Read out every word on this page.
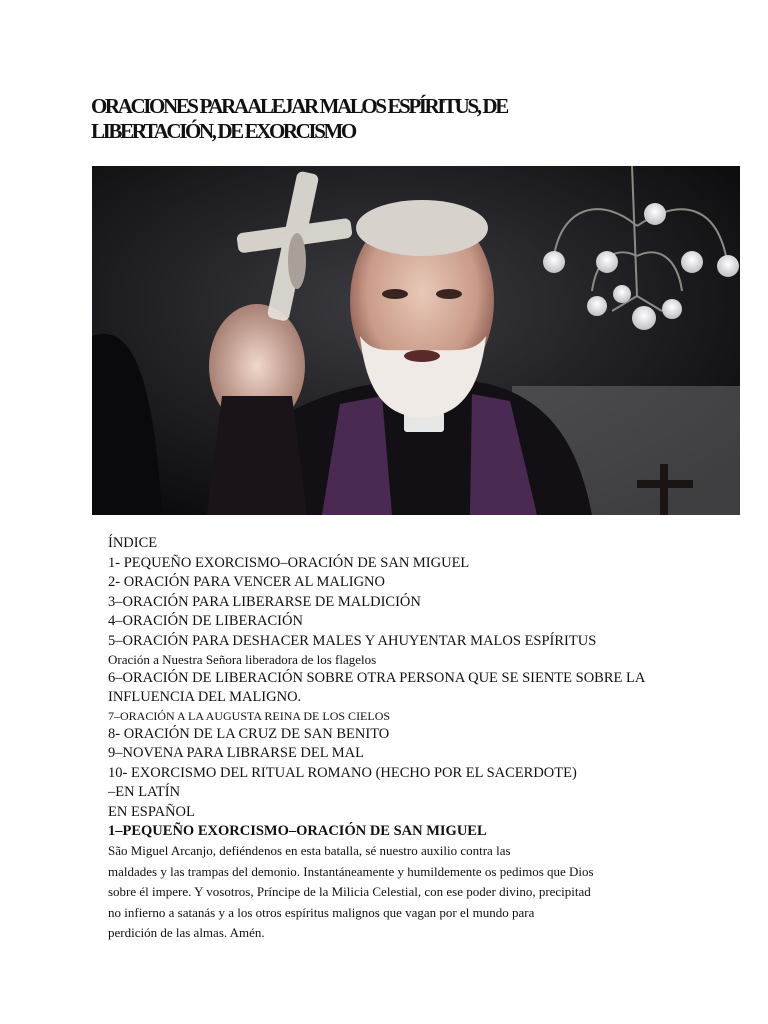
ORACIONES PARA ALEJAR MALOS ESPÍRITUS, DE
LIBERTACIÓN, DE EXORCISMO
ÍNDICE
1- PEQUEÑO EXORCISMO–ORACIÓN DE SAN MIGUEL
2- ORACIÓN PARA VENCER AL MALIGNO
3–ORACIÓN PARA LIBERARSE DE MALDICIÓN
4–ORACIÓN DE LIBERACIÓN
5–ORACIÓN PARA DESHACER MALES Y AHUYENTAR MALOS ESPÍRITUS
Oración a Nuestra Señora liberadora de los flagelos
6–ORACIÓN DE LIBERACIÓN SOBRE OTRA PERSONA QUE SE SIENTE SOBRE LA
INFLUENCIA DEL MALIGNO.
7–ORACIÓN A LA AUGUSTA REINA DE LOS CIELOS
8- ORACIÓN DE LA CRUZ DE SAN BENITO
9–NOVENA PARA LIBRARSE DEL MAL
10- EXORCISMO DEL RITUAL ROMANO (HECHO POR EL SACERDOTE)
–EN LATÍN
EN ESPAÑOL
1–PEQUEÑO EXORCISMO–ORACIÓN DE SAN MIGUEL
São Miguel Arcanjo, defiéndenos en esta batalla, sé nuestro auxilio contra las
maldades y las trampas del demonio. Instantáneamente y humildemente os pedimos que Dios
sobre él impere. Y vosotros, Príncipe de la Milicia Celestial, con ese poder divino, precipitad
no infierno a satanás y a los otros espíritus malignos que vagan por el mundo para
perdición de las almas. Amén.
